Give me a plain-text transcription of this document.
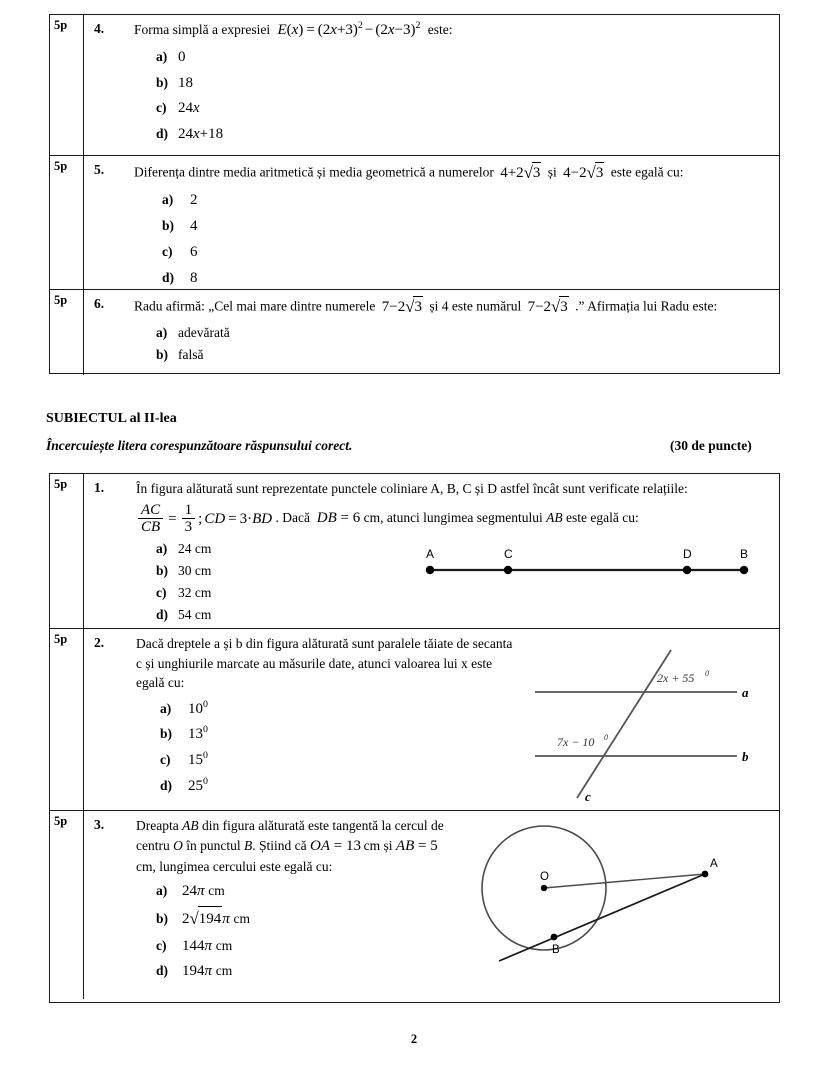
5p	4. Forma simplă a expresiei $E(x) = (2x+3)^2 - (2x-3)^2$ este:
a) 0
b) 18
c) 24x
d) 24x+18
5p	5. Diferența dintre media aritmetică și media geometrică a numerelor 4+2√3 și 4−2√3 este egală cu:
a)	2
b)	4
c)	6
d)	8
5p	6. Radu afirmă: „Cel mai mare dintre numerele 7−2√3 și 4 este numărul 7−2√3 .” Afirmația lui Radu este:
a) adevărată
b) falsă
SUBIECTUL al II-lea
Încercuiește litera corespunzătoare răspunsului corect.	(30 de puncte)
5p	1. În figura alăturată sunt reprezentate punctele coliniare A, B, C și D astfel încât sunt verificate relațiile:
$\frac{AC}{CB} = \frac{1}{3}$ ; CD = 3·BD . Dacă  DB = 6 cm, atunci lungimea segmentului AB este egală cu:
a) 24 cm
b) 30 cm
c) 32 cm
d) 54 cm
5p	2. Dacă dreptele a și b din figura alăturată sunt paralele tăiate de secanta
c și unghiurile marcate au măsurile date, atunci valoarea lui x este
egală cu:
a)	$10^0$
b)	$13^0$
c)	$15^0$
d)	$25^0$
5p	3. Dreapta AB din figura alăturată este tangentă la cercul de
centru O în punctul B. Știind că OA = 13 cm și AB = 5
cm, lungimea cercului este egală cu:
a) 24π cm
b) 2√194π cm
c)	144π cm
d) 194π cm
A	C	D	B
a
b
c
2x + 55 0
7x − 10 0
O
A
B
2
